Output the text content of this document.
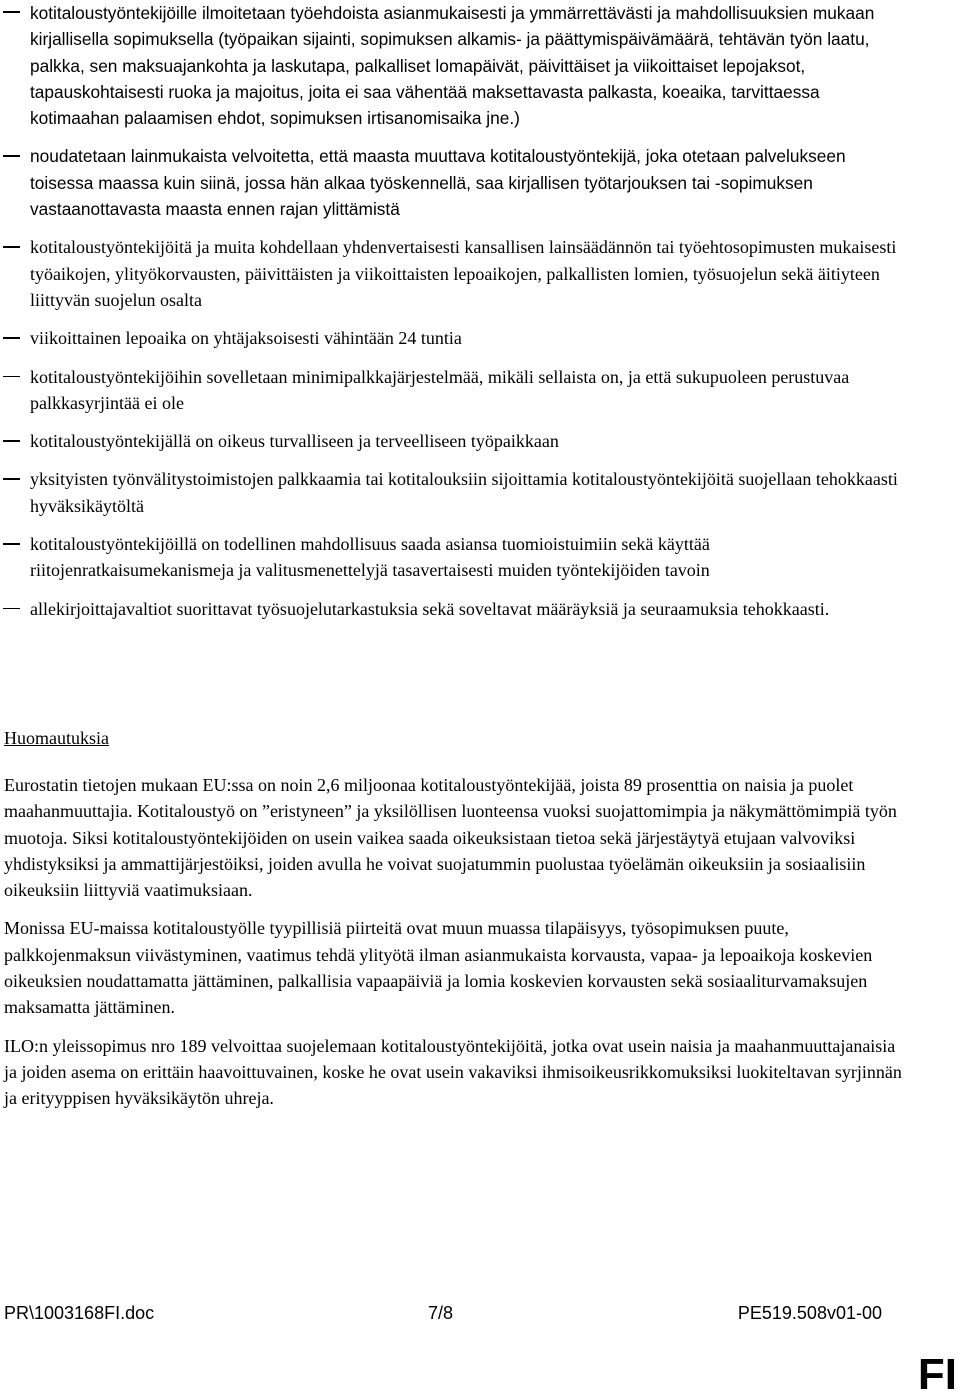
kotitaloustyöntekijöille ilmoitetaan työehdoista asianmukaisesti ja ymmärrettävästi ja mahdollisuuksien mukaan kirjallisella sopimuksella (työpaikan sijainti, sopimuksen alkamis- ja päättymispäivämäärä, tehtävän työn laatu, palkka, sen maksuajankohta ja laskutapa, palkalliset lomapäivät, päivittäiset ja viikoittaiset lepojaksot, tapauskohtaisesti ruoka ja majoitus, joita ei saa vähentää maksettavasta palkasta, koeaika, tarvittaessa kotimaahan palaamisen ehdot, sopimuksen irtisanomisaika jne.)
noudatetaan lainmukaista velvoitetta, että maasta muuttava kotitaloustyöntekijä, joka otetaan palvelukseen toisessa maassa kuin siinä, jossa hän alkaa työskennellä, saa kirjallisen työtarjouksen tai -sopimuksen vastaanottavasta maasta ennen rajan ylittämistä
kotitaloustyöntekijöitä ja muita kohdellaan yhdenvertaisesti kansallisen lainsäädännön tai työehtosopimusten mukaisesti työaikojen, ylityökorvausten, päivittäisten ja viikoittaisten lepoaikojen, palkallisten lomien, työsuojelun sekä äitiyteen liittyvän suojelun osalta
viikoittainen lepoaika on yhtäjaksoisesti vähintään 24 tuntia
kotitaloustyöntekijöihin sovelletaan minimipalkkajärjestelmää, mikäli sellaista on, ja että sukupuoleen perustuvaa palkkasyrjintää ei ole
kotitaloustyöntekijällä on oikeus turvalliseen ja terveelliseen työpaikkaan
yksityisten työnvälitystoimistojen palkkaamia tai kotitalouksiin sijoittamia kotitaloustyöntekijöitä suojellaan tehokkaasti hyväksikäytöltä
kotitaloustyöntekijöillä on todellinen mahdollisuus saada asiansa tuomioistuimiin sekä käyttää riitojenratkaisumekanismeja ja valitusmenettelyjä tasavertaisesti muiden työntekijöiden tavoin
allekirjoittajavaltiot suorittavat työsuojelutarkastuksia sekä soveltavat määräyksiä ja seuraamuksia tehokkaasti.
Huomautuksia

Eurostatin tietojen mukaan EU:ssa on noin 2,6 miljoonaa kotitaloustyöntekijää, joista 89 prosenttia on naisia ja puolet maahanmuuttajia. Kotitaloustyö on ”eristyneen” ja yksilöllisen luonteensa vuoksi suojattomimpia ja näkymättömimpiä työn muotoja. Siksi kotitaloustyöntekijöiden on usein vaikea saada oikeuksistaan tietoa sekä järjestäytyä etujaan valvoviksi yhdistyksiksi ja ammattijärjestöiksi, joiden avulla he voivat suojatummin puolustaa työelämän oikeuksiin ja sosiaalisiin oikeuksiin liittyviä vaatimuksiaan.

Monissa EU-maissa kotitaloustyölle tyypillisiä piirteitä ovat muun muassa tilapäisyys, työsopimuksen puute, palkkojenmaksun viivästyminen, vaatimus tehdä ylityötä ilman asianmukaista korvausta, vapaa- ja lepoaikoja koskevien oikeuksien noudattamatta jättäminen, palkallisia vapaapäiviä ja lomia koskevien korvausten sekä sosiaaliturvamaksujen maksamatta jättäminen.

ILO:n yleissopimus nro 189 velvoittaa suojelemaan kotitaloustyöntekijöitä, jotka ovat usein naisia ja maahanmuuttajanaisia ja joiden asema on erittäin haavoittuvainen, koske he ovat usein vakaviksi ihmisoikeusrikkomuksiksi luokiteltavan syrjinnän ja erityyppisen hyväksikäytön uhreja.

PR\1003168FI.doc	7/8	PE519.508v01-00
FI
